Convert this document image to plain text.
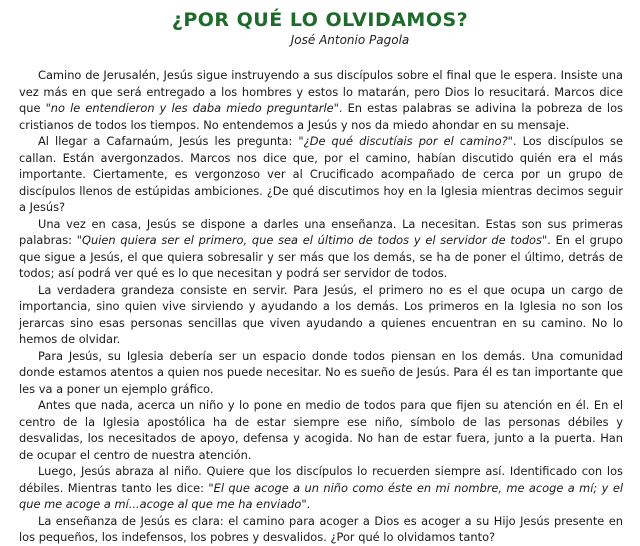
¿POR QUÉ LO OLVIDAMOS?
José Antonio Pagola

Camino de Jerusalén, Jesús sigue instruyendo a sus discípulos sobre el final que le espera. Insiste una vez más en que será entregado a los hombres y estos lo matarán, pero Dios lo resucitará. Marcos dice que "no le entendieron y les daba miedo preguntarle". En estas palabras se adivina la pobreza de los cristianos de todos los tiempos. No entendemos a Jesús y nos da miedo ahondar en su mensaje.

Al llegar a Cafarnaúm, Jesús les pregunta: "¿De qué discutíais por el camino?". Los discípulos se callan. Están avergonzados. Marcos nos dice que, por el camino, habían discutido quién era el más importante. Ciertamente, es vergonzoso ver al Crucificado acompañado de cerca por un grupo de discípulos llenos de estúpidas ambiciones. ¿De qué discutimos hoy en la Iglesia mientras decimos seguir a Jesús?

Una vez en casa, Jesús se dispone a darles una enseñanza. La necesitan. Estas son sus primeras palabras: "Quien quiera ser el primero, que sea el último de todos y el servidor de todos". En el grupo que sigue a Jesús, el que quiera sobresalir y ser más que los demás, se ha de poner el último, detrás de todos; así podrá ver qué es lo que necesitan y podrá ser servidor de todos.

La verdadera grandeza consiste en servir. Para Jesús, el primero no es el que ocupa un cargo de importancia, sino quien vive sirviendo y ayudando a los demás. Los primeros en la Iglesia no son los jerarcas sino esas personas sencillas que viven ayudando a quienes encuentran en su camino. No lo hemos de olvidar.

Para Jesús, su Iglesia debería ser un espacio donde todos piensan en los demás. Una comunidad donde estamos atentos a quien nos puede necesitar. No es sueño de Jesús. Para él es tan importante que les va a poner un ejemplo gráfico.

Antes que nada, acerca un niño y lo pone en medio de todos para que fijen su atención en él. En el centro de la Iglesia apostólica ha de estar siempre ese niño, símbolo de las personas débiles y desvalidas, los necesitados de apoyo, defensa y acogida. No han de estar fuera, junto a la puerta. Han de ocupar el centro de nuestra atención.

Luego, Jesús abraza al niño. Quiere que los discípulos lo recuerden siempre así. Identificado con los débiles. Mientras tanto les dice: "El que acoge a un niño como éste en mi nombre, me acoge a mí; y el que me acoge a mí...acoge al que me ha enviado".

La enseñanza de Jesús es clara: el camino para acoger a Dios es acoger a su Hijo Jesús presente en los pequeños, los indefensos, los pobres y desvalidos. ¿Por qué lo olvidamos tanto?
